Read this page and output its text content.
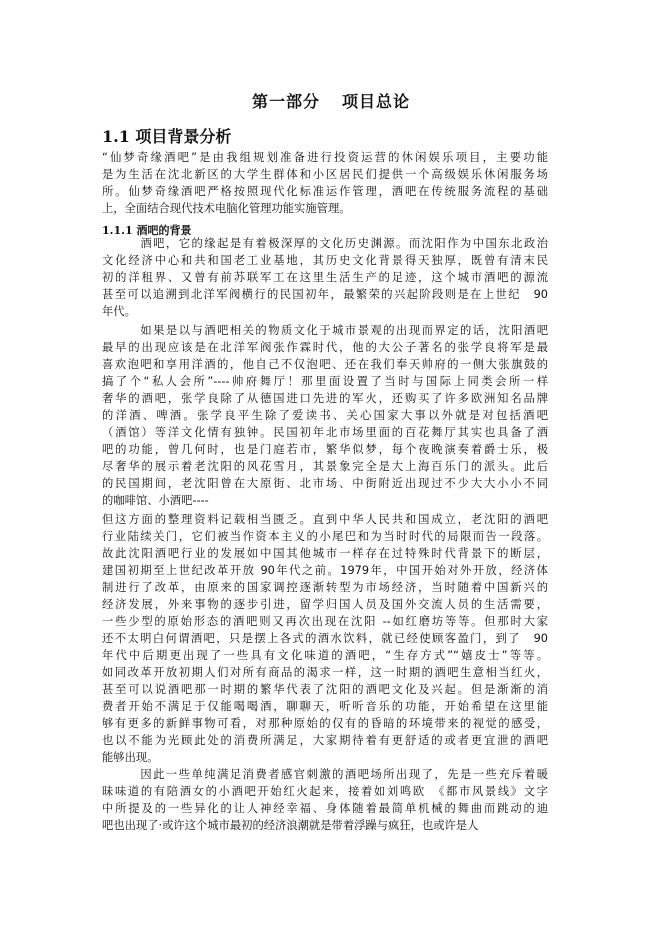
第一部分 项目总论
1.1 项目背景分析
“仙梦奇缘酒吧”是由我组规划准备进行投资运营的休闲娱乐项目，主要功能
是为生活在沈北新区的大学生群体和小区居民们提供一个高级娱乐休闲服务场
所。仙梦奇缘酒吧严格按照现代化标准运作管理，酒吧在传统服务流程的基础
上，全面结合现代技术电脑化管理功能实施管理。
1.1.1 酒吧的背景
　　　酒吧，它的缘起是有着极深厚的文化历史渊源。而沈阳作为中国东北政治
文化经济中心和共和国老工业基地，其历史文化背景得天独厚，既曾有清末民
初的洋租界、又曾有前苏联军工在这里生活生产的足迹，这个城市酒吧的源流
甚至可以追溯到北洋军阀横行的民国初年，最繁荣的兴起阶段则是在上世纪　90
年代。
　　　如果是以与酒吧相关的物质文化于城市景观的出现而界定的话，沈阳酒吧
最早的出现应该是在北洋军阀张作霖时代，他的大公子著名的张学良将军是最
喜欢泡吧和享用洋酒的，他自己不仅泡吧、还在我们奉天帅府的一侧大张旗鼓的
搞了个“私人会所”----帅府舞厅！那里面设置了当时与国际上同类会所一样
奢华的酒吧，张学良除了从德国进口先进的军火，还购买了许多欧洲知名品牌
的洋酒、啤酒。张学良平生除了爱读书、关心国家大事以外就是对包括酒吧
（酒馆）等洋文化情有独钟。民国初年北市场里面的百花舞厅其实也具备了酒
吧的功能，曾几何时，也是门庭若市，繁华似梦，每个夜晚演奏着爵士乐，极
尽奢华的展示着老沈阳的风花雪月，其景象完全是大上海百乐门的派头。此后
的民国期间，老沈阳曾在大原街、北市场、中街附近出现过不少大大小小不同
的咖啡馆、小酒吧----
但这方面的整理资料记载相当匮乏。直到中华人民共和国成立，老沈阳的酒吧
行业陆续关门，它们被当作资本主义的小尾巴和为当时时代的局限而告一段落。
故此沈阳酒吧行业的发展如中国其他城市一样存在过特殊时代背景下的断层，
建国初期至上世纪改革开放 90年代之前。1979年，中国开始对外开放，经济体
制进行了改革，由原来的国家调控逐渐转型为市场经济，当时随着中国新兴的
经济发展，外来事物的逐步引进，留学归国人员及国外交流人员的生活需要，
一些少型的原始形态的酒吧则又再次出现在沈阳 --如红磨坊等等。但那时大家
还不太明白何谓酒吧，只是摆上各式的酒水饮料，就已经使顾客盈门，到了　90
年代中后期更出现了一些具有文化味道的酒吧，“生存方式”“嬉皮士”等等。
如同改革开放初期人们对所有商品的渴求一样，这一时期的酒吧生意相当红火，
甚至可以说酒吧那一时期的繁华代表了沈阳的酒吧文化及兴起。但是渐渐的消
费者开始不满足于仅能喝喝酒，聊聊天，听听音乐的功能，开始希望在这里能
够有更多的新鲜事物可看，对那种原始的仅有的昏暗的环境带来的视觉的感受，
也以不能为光顾此处的消费所满足，大家期待着有更舒适的或者更宜泄的酒吧
能够出现。
　　　因此一些单纯满足消费者感官刺激的酒吧场所出现了，先是一些充斥着暖
昧味道的有陪酒女的小酒吧开始红火起来，接着如刘鸣欧　《都市风景线》文字
中所提及的一些异化的让人神经幸福、身体随着最简单机械的舞曲而跳动的迪
吧也出现了·或许这个城市最初的经济浪潮就是带着浮躁与疯狂，也或许是人
